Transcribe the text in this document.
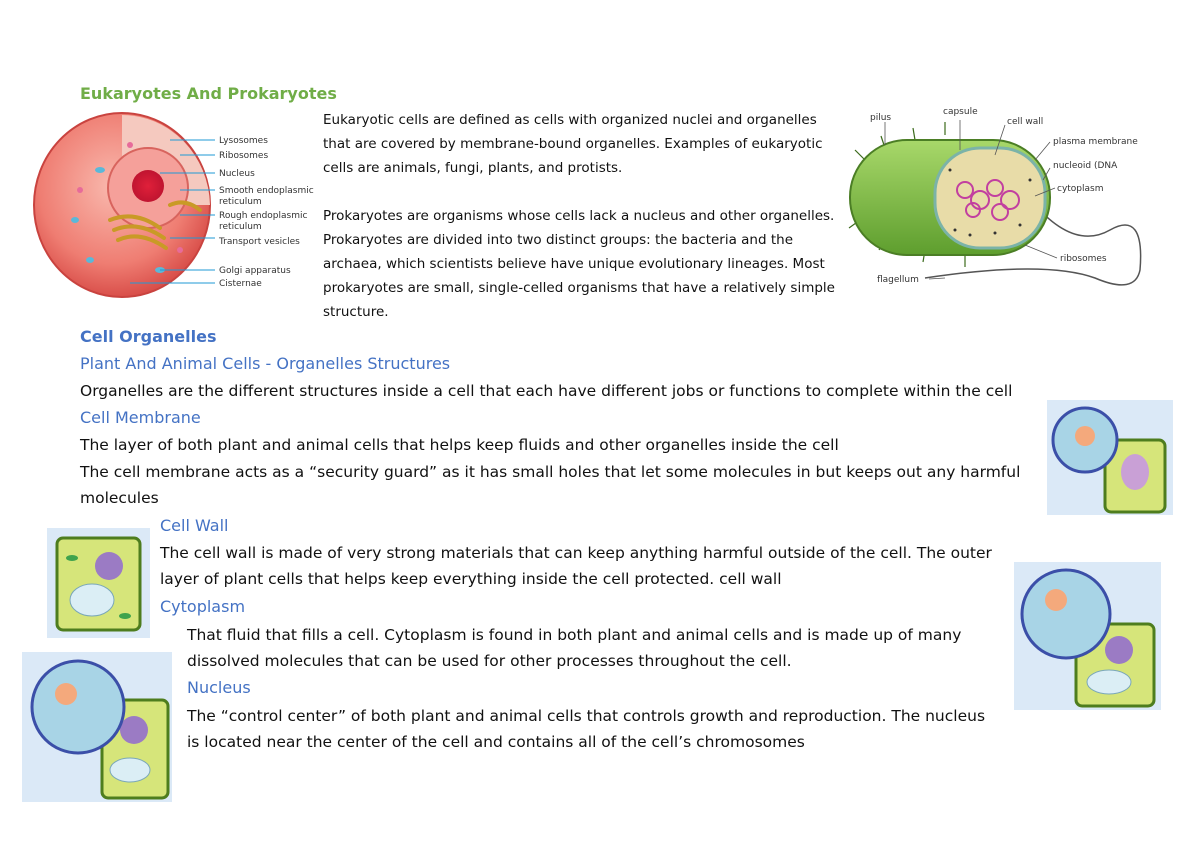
Eukaryotes And Prokaryotes
Lysosomes
Ribosomes
Nucleus
Smooth endoplasmic
reticulum
Rough endoplasmic
reticulum
Transport vesicles
Golgi apparatus
Cisternae

Eukaryotic cells are defined as cells with organized nuclei and organelles that are covered by membrane-bound organelles. Examples of eukaryotic cells are animals, fungi, plants, and protists.

Prokaryotes are organisms whose cells lack a nucleus and other organelles. Prokaryotes are divided into two distinct groups: the bacteria and the archaea, which scientists believe have unique evolutionary lineages. Most prokaryotes are small, single-celled organisms that have a relatively simple structure.

pilus
capsule
cell wall
plasma membrane
nucleoid (DNA
cytoplasm
ribosomes
flagellum
Cell Organelles
Plant And Animal Cells - Organelles Structures
Organelles are the different structures inside a cell that each have different jobs or functions to complete within the cell
Cell Membrane
The layer of both plant and animal cells that helps keep fluids and other organelles inside the cell
The cell membrane acts as a “security guard” as it has small holes that let some molecules in but keeps out any harmful molecules
Cell Wall
The cell wall is made of very strong materials that can keep anything harmful outside of the cell. The outer layer of plant cells that helps keep everything inside the cell protected. cell wall
Cytoplasm
That fluid that fills a cell. Cytoplasm is found in both plant and animal cells and is made up of many dissolved molecules that can be used for other processes throughout the cell.
Nucleus
The “control center” of both plant and animal cells that controls growth and reproduction. The nucleus is located near the center of the cell and contains all of the cell’s chromosomes
